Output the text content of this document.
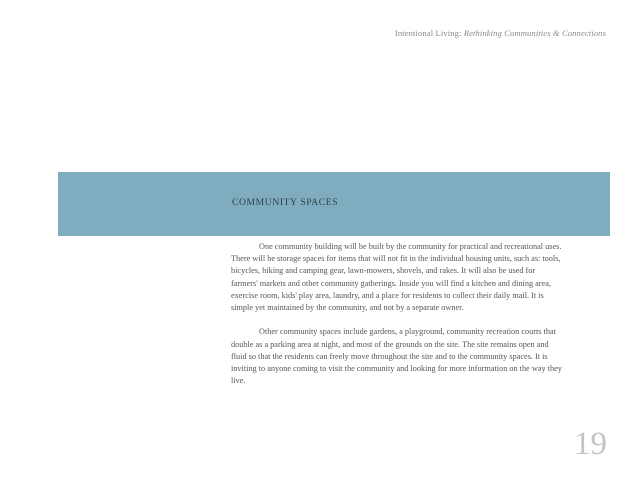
Intentional Living: Rethinking Communities & Connections
COMMUNITY SPACES

One community building will be built by the community for practical and recreational uses. There will be storage spaces for items that will not fit in the individual housing units, such as: tools, bicycles, hiking and camping gear, lawn-mowers, shovels, and rakes. It will also be used for farmers' markets and other community gatherings. Inside you will find a kitchen and dining area, exercise room, kids' play area, laundry, and a place for residents to collect their daily mail. It is simple yet maintained by the community, and not by a separate owner.

Other community spaces include gardens, a playground, community recreation courts that double as a parking area at night, and most of the grounds on the site. The site remains open and fluid so that the residents can freely move throughout the site and to the community spaces. It is inviting to anyone coming to visit the community and looking for more information on the way they live.

19
